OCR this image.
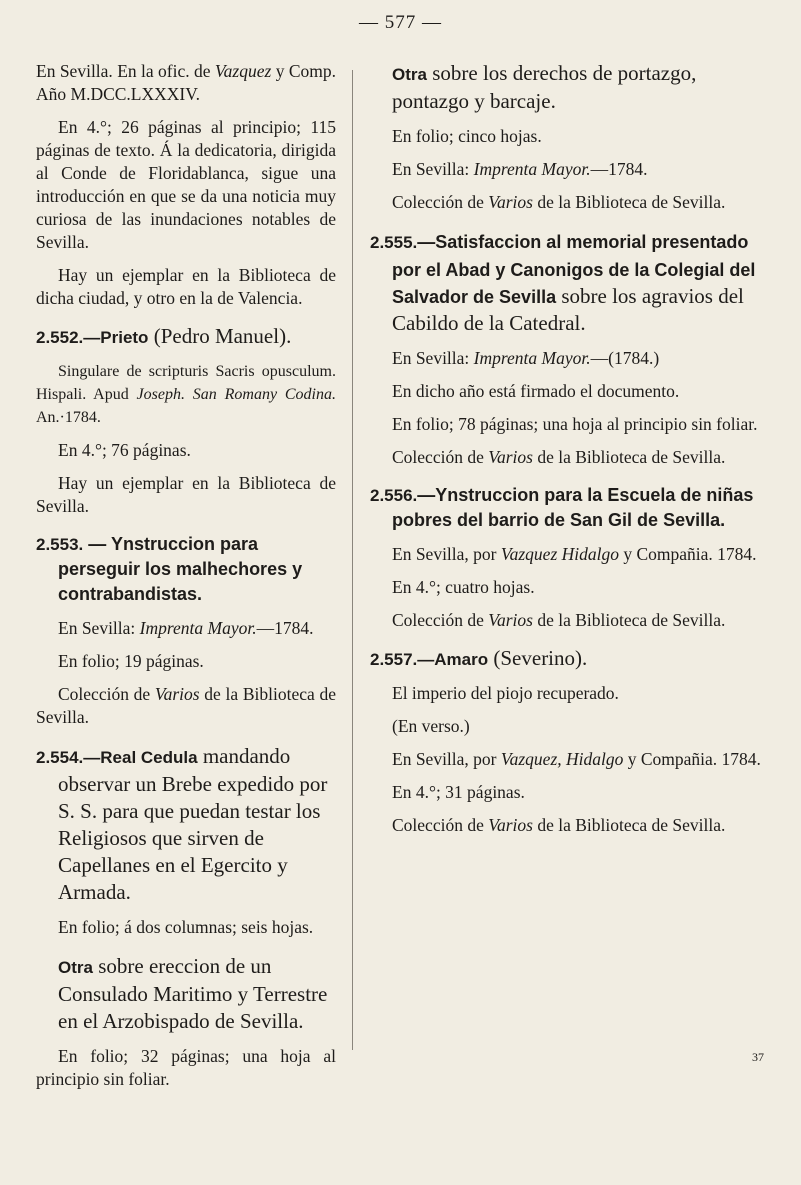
— 577 —

En Sevilla. En la ofic. de Vazquez y Comp. Año M.DCC.LXXXIV.

En 4.°; 26 páginas al principio; 115 páginas de texto. Á la dedicatoria, dirigida al Conde de Floridablanca, sigue una introducción en que se da una noticia muy curiosa de las inundaciones notables de Sevilla.

Hay un ejemplar en la Biblioteca de dicha ciudad, y otro en la de Valencia.

2.552.—Prieto (Pedro Manuel).

Singulare de scripturis Sacris opusculum. Hispali. Apud Joseph. San Romany Codina. An.·1784.

En 4.°; 76 páginas.

Hay un ejemplar en la Biblioteca de Sevilla.

2.553. — Ynstruccion para perseguir los malhechores y contrabandistas.

En Sevilla: Imprenta Mayor.—1784.

En folio; 19 páginas.

Colección de Varios de la Biblioteca de Sevilla.

2.554.—Real Cedula mandando observar un Brebe expedido por S. S. para que puedan testar los Religiosos que sirven de Capellanes en el Egercito y Armada.

En folio; á dos columnas; seis hojas.

Otra sobre ereccion de un Consulado Maritimo y Terrestre en el Arzobispado de Sevilla.

En folio; 32 páginas; una hoja al principio sin foliar.

Otra sobre los derechos de portazgo, pontazgo y barcaje.

En folio; cinco hojas.

En Sevilla: Imprenta Mayor.—1784.

Colección de Varios de la Biblioteca de Sevilla.

2.555.—Satisfaccion al memorial presentado por el Abad y Canonigos de la Colegial del Salvador de Sevilla sobre los agravios del Cabildo de la Catedral.

En Sevilla: Imprenta Mayor.—(1784.)

En dicho año está firmado el documento.

En folio; 78 páginas; una hoja al principio sin foliar.

Colección de Varios de la Biblioteca de Sevilla.

2.556.—Ynstruccion para la Escuela de niñas pobres del barrio de San Gil de Sevilla.

En Sevilla, por Vazquez Hidalgo y Compañia. 1784.

En 4.°; cuatro hojas.

Colección de Varios de la Biblioteca de Sevilla.

2.557.—Amaro (Severino).

El imperio del piojo recuperado.

(En verso.)

En Sevilla, por Vazquez, Hidalgo y Compañia. 1784.

En 4.°; 31 páginas.

Colección de Varios de la Biblioteca de Sevilla.

37
